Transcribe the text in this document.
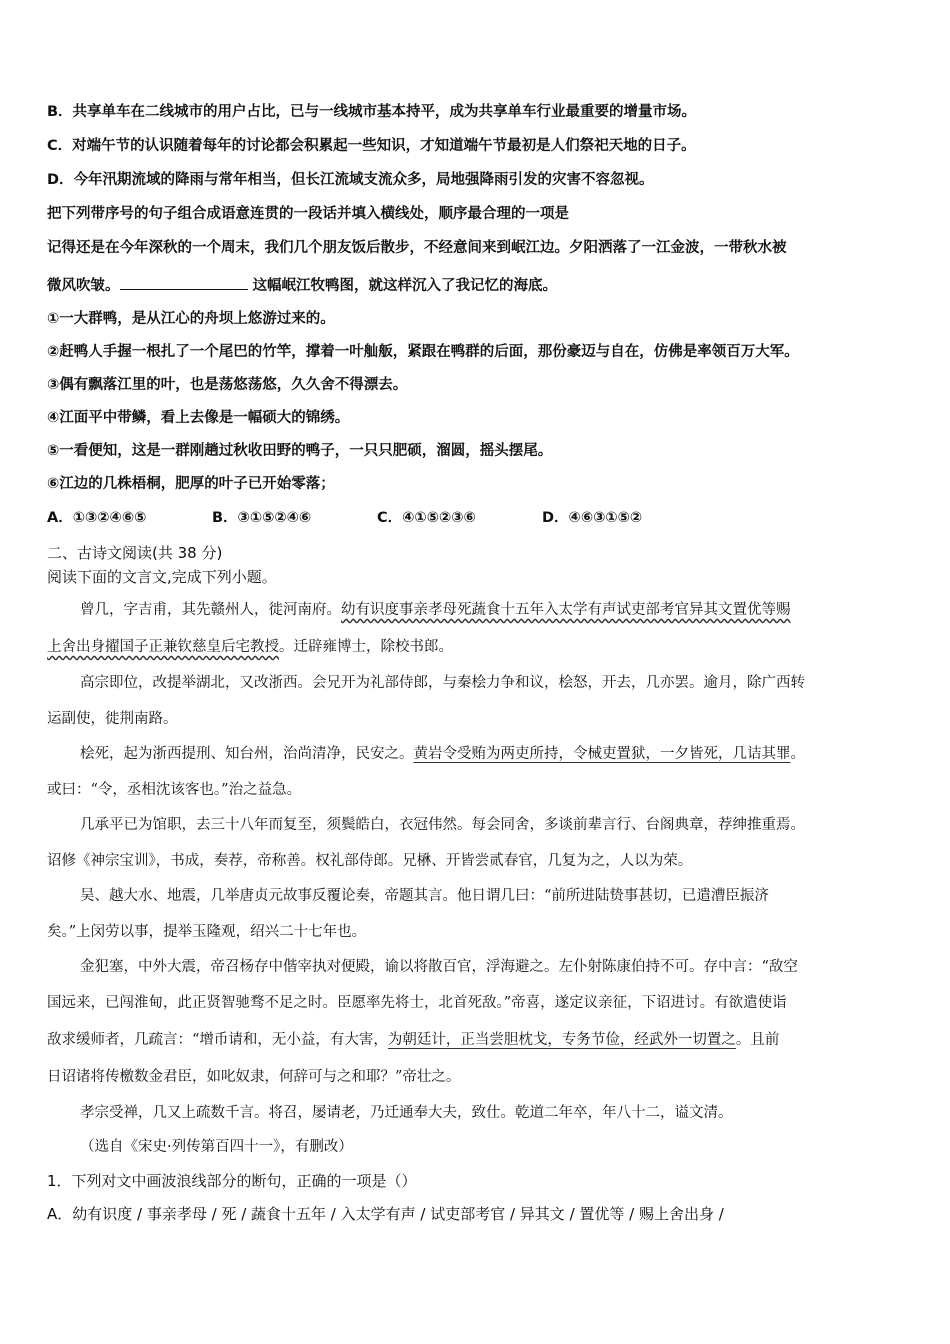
B．共享单车在二线城市的用户占比，已与一线城市基本持平，成为共享单车行业最重要的增量市场。
C．对端午节的认识随着每年的讨论都会积累起一些知识，才知道端午节最初是人们祭祀天地的日子。
D．今年汛期流域的降雨与常年相当，但长江流域支流众多，局地强降雨引发的灾害不容忽视。
把下列带序号的句子组合成语意连贯的一段话并填入横线处，顺序最合理的一项是
记得还是在今年深秋的一个周末，我们几个朋友饭后散步，不经意间来到岷江边。夕阳洒落了一江金波，一带秋水被
微风吹皱。	这幅岷江牧鸭图，就这样沉入了我记忆的海底。
①一大群鸭，是从江心的舟坝上悠游过来的。
②赶鸭人手握一根扎了一个尾巴的竹竿，撑着一叶舢舨，紧跟在鸭群的后面，那份豪迈与自在，仿佛是率领百万大军。
③偶有飘落江里的叶，也是荡悠荡悠，久久舍不得漂去。
④江面平中带鳞，看上去像是一幅硕大的锦绣。
⑤一看便知，这是一群刚趟过秋收田野的鸭子，一只只肥硕，溜圆，摇头摆尾。
⑥江边的几株梧桐，肥厚的叶子已开始零落；
A．①③②④⑥⑤	B．③①⑤②④⑥	C．④①⑤②③⑥	D．④⑥③①⑤②
二、古诗文阅读(共 38 分)
阅读下面的文言文,完成下列小题。
曾几，字吉甫，其先赣州人，徙河南府。幼有识度事亲孝母死蔬食十五年入太学有声试吏部考官异其文置优等赐
上舍出身擢国子正兼钦慈皇后宅教授。迁辟雍博士，除校书郎。
高宗即位，改提举湖北，又改浙西。会兄开为礼部侍郎，与秦桧力争和议，桧怒，开去，几亦罢。逾月，除广西转
运副使，徙荆南路。
桧死，起为浙西提刑、知台州，治尚清净，民安之。黄岩令受贿为两吏所持，令械吏置狱，一夕皆死，几诘其罪。
或曰：“令，丞相沈该客也。”治之益急。
几承平已为馆职，去三十八年而复至，须鬓皓白，衣冠伟然。每会同舍，多谈前辈言行、台阁典章，荐绅推重焉。
诏修《神宗宝训》，书成，奏荐，帝称善。权礼部侍郎。兄楙、开皆尝贰春官，几复为之，人以为荣。
吴、越大水、地震，几举唐贞元故事反覆论奏，帝题其言。他日谓几曰：“前所进陆贽事甚切，已遣漕臣振济
矣。”上闵劳以事，提举玉隆观，绍兴二十七年也。
金犯塞，中外大震，帝召杨存中偕宰执对便殿，谕以将散百官，浮海避之。左仆射陈康伯持不可。存中言：“敌空
国远来，已闯淮甸，此正贤智驰骛不足之时。臣愿率先将士，北首死敌。”帝喜，遂定议亲征，下诏进讨。有欲遣使诣
敌求缓师者，几疏言：“增币请和，无小益，有大害，为朝廷计，正当尝胆枕戈，专务节俭，经武外一切置之。且前
日诏诸将传檄数金君臣，如叱奴隶，何辞可与之和耶？”帝壮之。
孝宗受禅，几又上疏数千言。将召，屡请老，乃迁通奉大夫，致仕。乾道二年卒，年八十二，谥文清。
（选自《宋史·列传第百四十一》，有删改）
1．下列对文中画波浪线部分的断句，正确的一项是（）
A．幼有识度 / 事亲孝母 / 死 / 蔬食十五年 / 入太学有声 / 试吏部考官 / 异其文 / 置优等 / 赐上舍出身 /
